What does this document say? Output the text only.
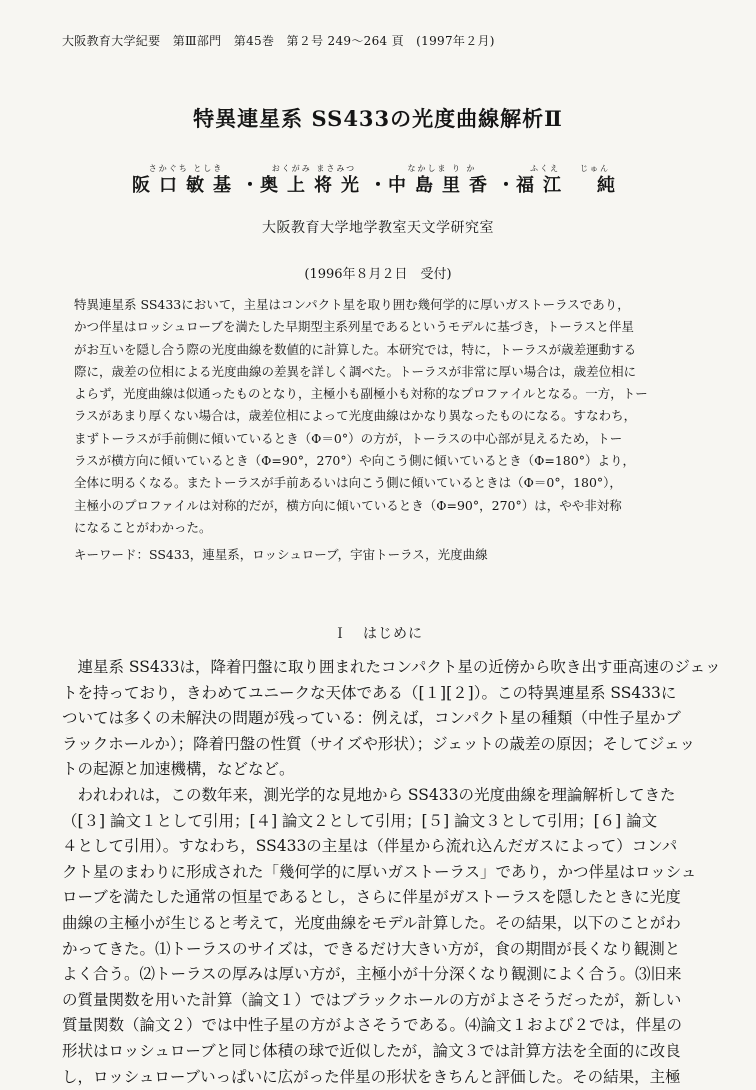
大阪教育大学紀要　第Ⅲ部門　第45巻　第２号 249〜264 頁　(1997年２月)
特異連星系 SS433の光度曲線解析Ⅱ
さかぐち としき
阪口敏基 ・
おくがみ まさみつ
奥上将光 ・
なかしま り か
中島里香 ・
ふくえ　　じゅん
福江　純
大阪教育大学地学教室天文学研究室
(1996年８月２日　受付)
特異連星系 SS433において，主星はコンパクト星を取り囲む幾何学的に厚いガストーラスであり，
かつ伴星はロッシュローブを満たした早期型主系列星であるというモデルに基づき，トーラスと伴星
がお互いを隠し合う際の光度曲線を数値的に計算した。本研究では，特に，トーラスが歳差運動する
際に，歳差の位相による光度曲線の差異を詳しく調べた。トーラスが非常に厚い場合は，歳差位相に
よらず，光度曲線は似通ったものとなり，主極小も副極小も対称的なプロファイルとなる。一方，トー
ラスがあまり厚くない場合は，歳差位相によって光度曲線はかなり異なったものになる。すなわち，
まずトーラスが手前側に傾いているとき（Φ＝0°）の方が，トーラスの中心部が見えるため，トー
ラスが横方向に傾いているとき（Φ=90°，270°）や向こう側に傾いているとき（Φ=180°）より，
全体に明るくなる。またトーラスが手前あるいは向こう側に傾いているときは（Φ＝0°，180°），
主極小のプロファイルは対称的だが，横方向に傾いているとき（Φ=90°，270°）は，やや非対称
になることがわかった。
キーワード：SS433，連星系，ロッシュローブ，宇宙トーラス，光度曲線
Ｉ　はじめに
　連星系 SS433は，降着円盤に取り囲まれたコンパクト星の近傍から吹き出す亜高速のジェッ
トを持っており，きわめてユニークな天体である（[１][２]）。この特異連星系 SS433に
ついては多くの未解決の問題が残っている：例えば，コンパクト星の種類（中性子星かブ
ラックホールか）；降着円盤の性質（サイズや形状）；ジェットの歳差の原因；そしてジェッ
トの起源と加速機構，などなど。
　われわれは，この数年来，測光学的な見地から SS433の光度曲線を理論解析してきた
（[３] 論文１として引用；[４] 論文２として引用；[５] 論文３として引用；[６] 論文
４として引用）。すなわち，SS433の主星は（伴星から流れ込んだガスによって）コンパ
クト星のまわりに形成された「幾何学的に厚いガストーラス」であり，かつ伴星はロッシュ
ローブを満たした通常の恒星であるとし，さらに伴星がガストーラスを隠したときに光度
曲線の主極小が生じると考えて，光度曲線をモデル計算した。その結果，以下のことがわ
かってきた。⑴トーラスのサイズは，できるだけ大きい方が，食の期間が長くなり観測と
よく合う。⑵トーラスの厚みは厚い方が，主極小が十分深くなり観測によく合う。⑶旧来
の質量関数を用いた計算（論文１）ではブラックホールの方がよさそうだったが，新しい
質量関数（論文２）では中性子星の方がよさそうである。⑷論文１および２では，伴星の
形状はロッシュローブと同じ体積の球で近似したが，論文３では計算方法を全面的に改良
し，ロッシュローブいっぱいに広がった伴星の形状をきちんと評価した。その結果，主極
